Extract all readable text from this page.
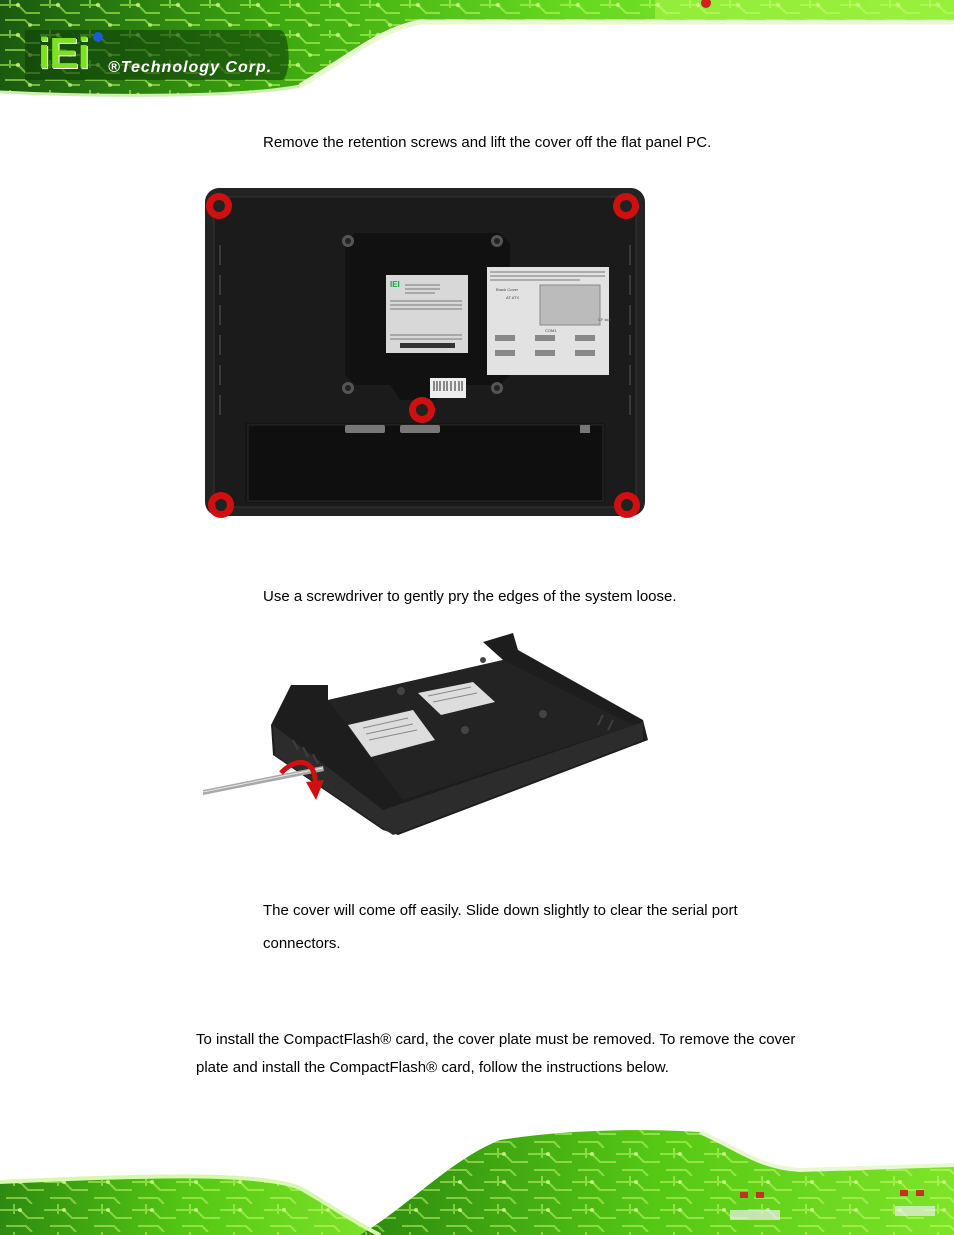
iEi ®Technology Corp.
Remove the retention screws and lift the cover off the flat panel PC.
IEI
Brack Cover
AT ATX
CF slot
COM1
Use a screwdriver to gently pry the edges of the system loose.
The cover will come off easily. Slide down slightly to clear the serial port
connectors.
To install the CompactFlash® card, the cover plate must be removed. To remove the cover
plate and install the CompactFlash® card, follow the instructions below.
